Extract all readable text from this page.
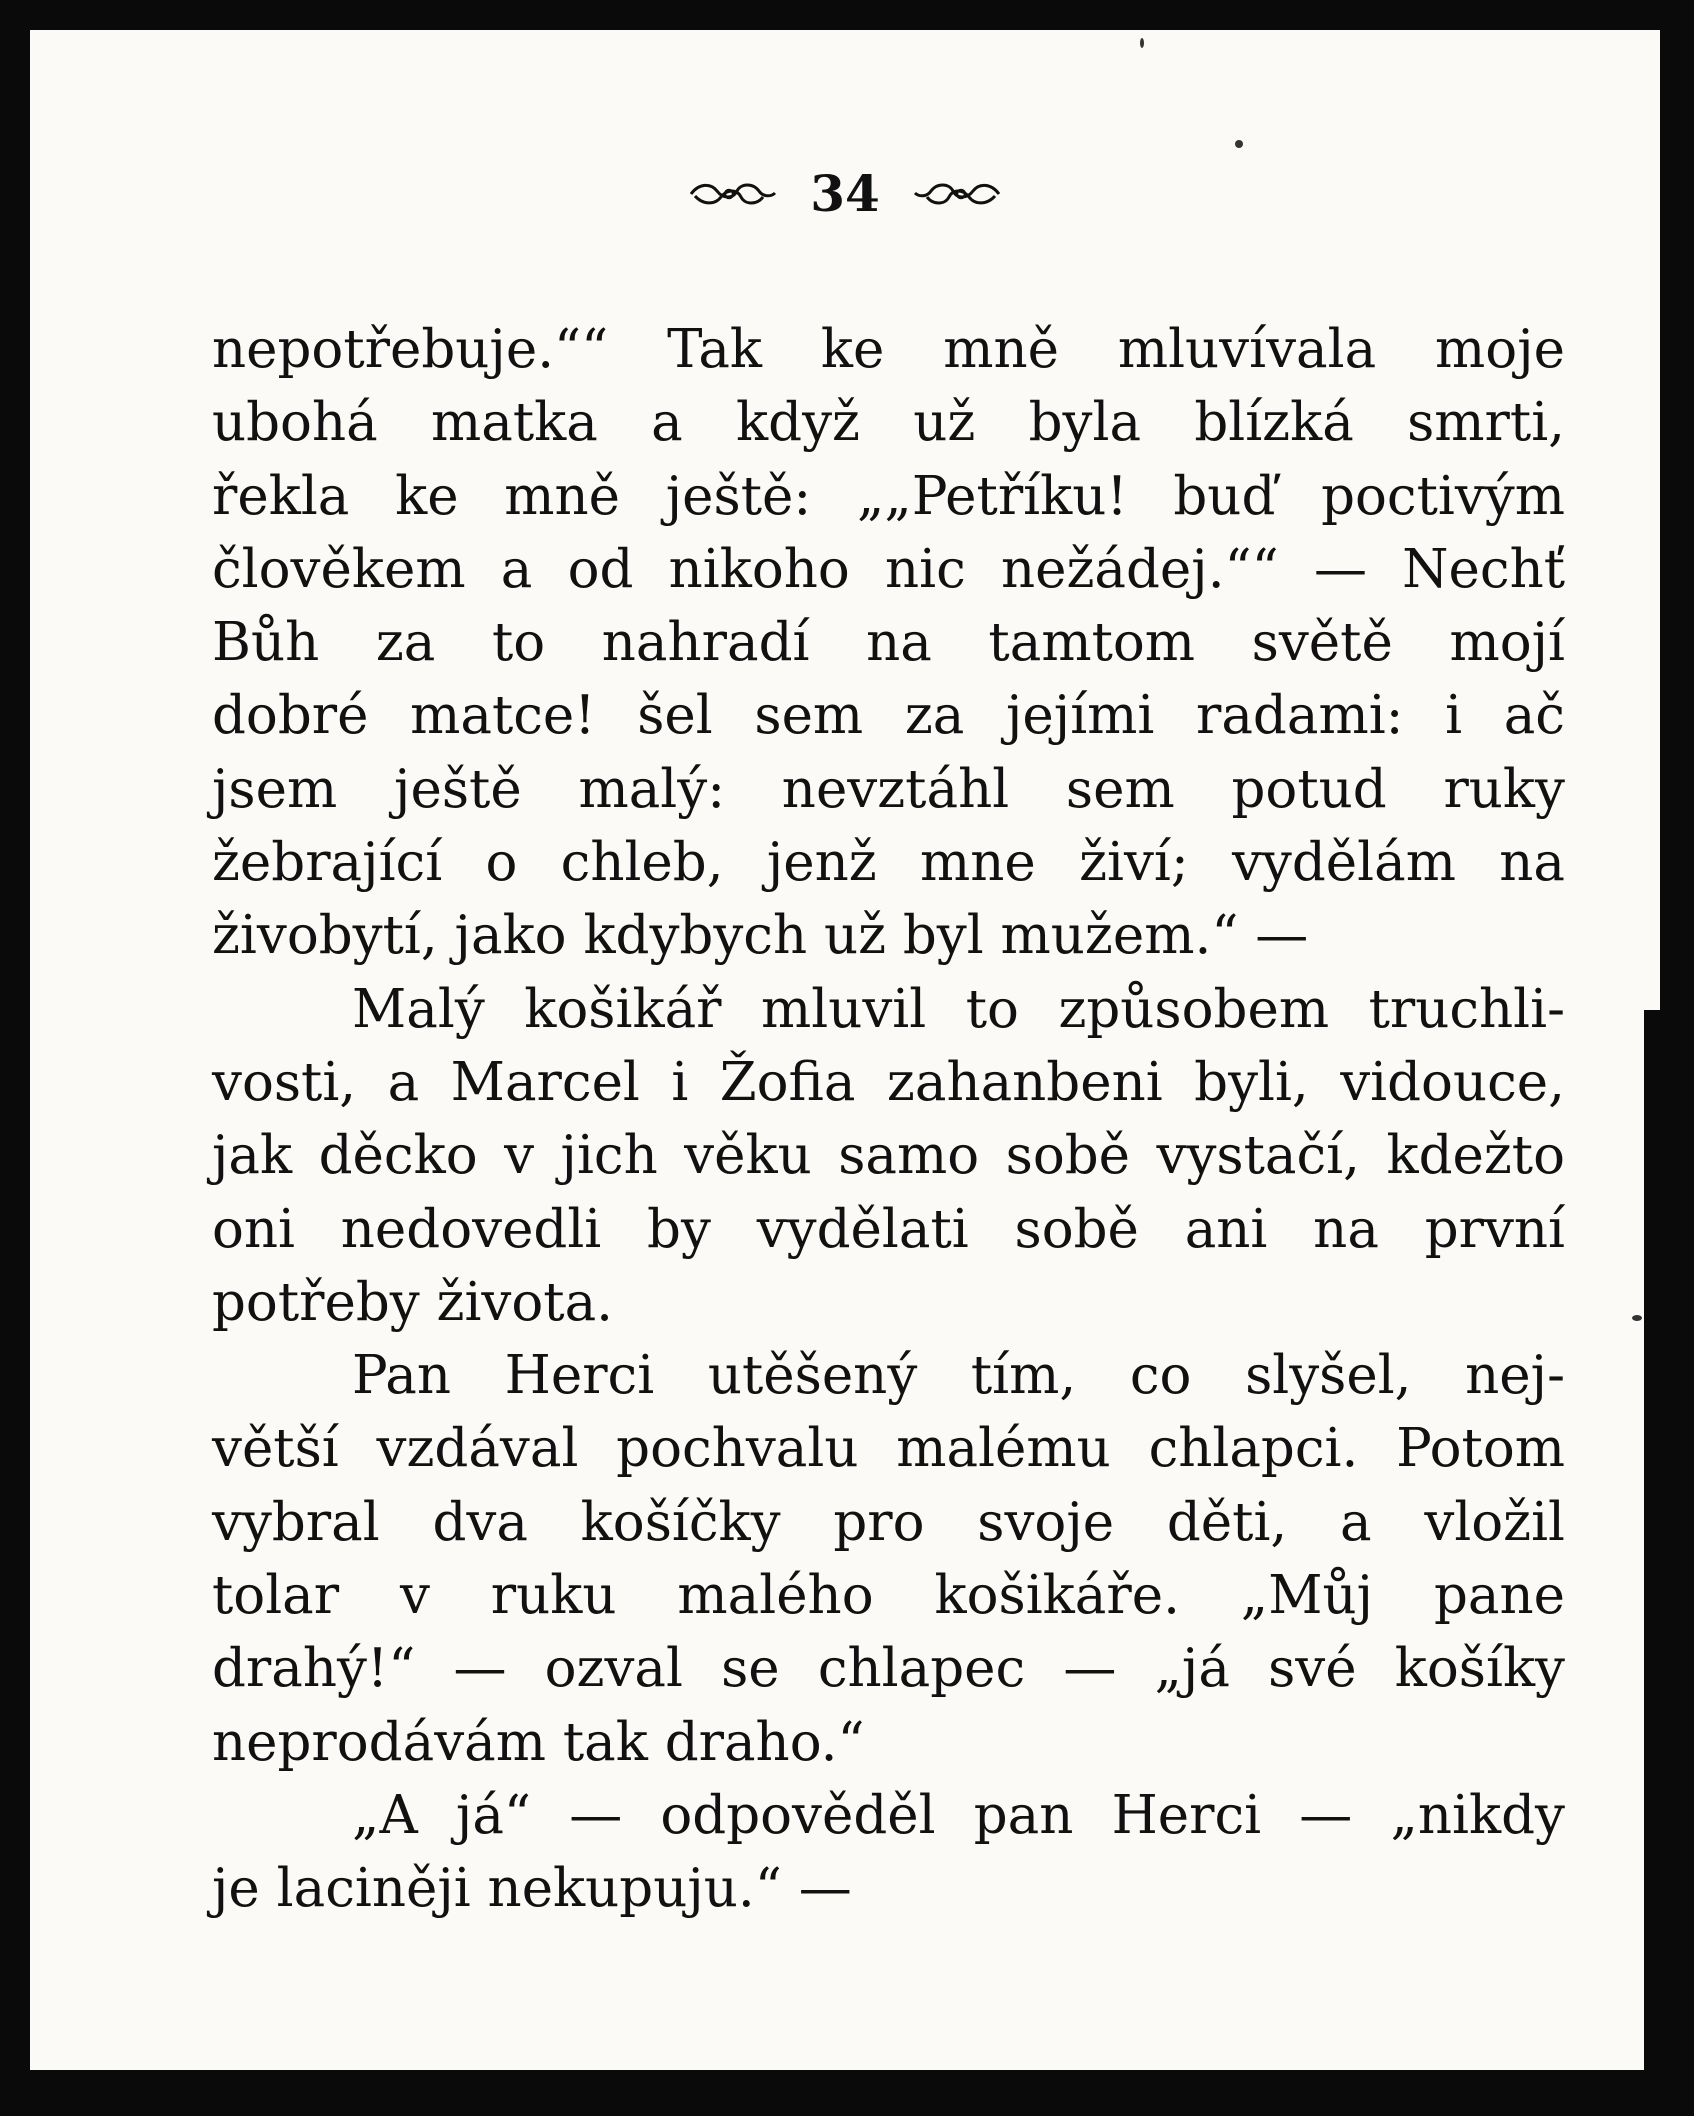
34
nepotřebuje.““ Tak ke mně mluvívala moje
ubohá matka a když už byla blízká smrti,
řekla ke mně ještě: „„Petříku! buď poctivým
člověkem a od nikoho nic nežádej.““ — Nechť
Bůh za to nahradí na tamtom světě mojí
dobré matce! šel sem za jejími radami: i ač
jsem ještě malý: nevztáhl sem potud ruky
žebrající o chleb, jenž mne živí; vydělám na
živobytí, jako kdybych už byl mužem.“ —
Malý košikář mluvil to způsobem truchli-
vosti, a Marcel i Žofia zahanbeni byli, vidouce,
jak děcko v jich věku samo sobě vystačí, kdežto
oni nedovedli by vydělati sobě ani na první
potřeby života.
Pan Herci utěšený tím, co slyšel, nej-
větší vzdával pochvalu malému chlapci. Potom
vybral dva košíčky pro svoje děti, a vložil
tolar v ruku malého košikáře. „Můj pane
drahý!“ — ozval se chlapec — „já své košíky
neprodávám tak draho.“
„A já“ — odpověděl pan Herci — „nikdy
je laciněji nekupuju.“ —
